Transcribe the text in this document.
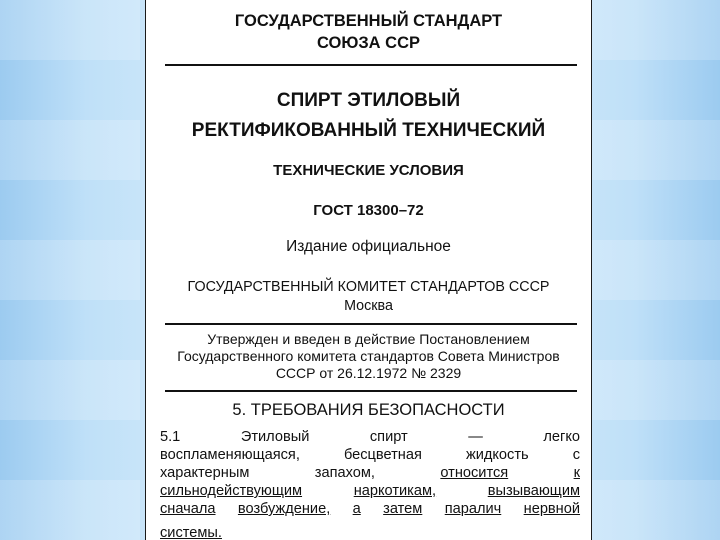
ГОСУДАРСТВЕННЫЙ СТАНДАРТ
СОЮЗА ССР
СПИРТ ЭТИЛОВЫЙ
РЕКТИФИКОВАННЫЙ ТЕХНИЧЕСКИЙ
ТЕХНИЧЕСКИЕ УСЛОВИЯ
ГОСТ 18300–72
Издание официальное
ГОСУДАРСТВЕННЫЙ КОМИТЕТ СТАНДАРТОВ СССР
Москва
Утвержден и введен в действие Постановлением
Государственного комитета стандартов Совета Министров
СССР от 26.12.1972 № 2329
5. ТРЕБОВАНИЯ БЕЗОПАСНОСТИ
5.1	Этиловый	спирт	—	легко
воспламеняющаяся,	бесцветная	жидкость	с
характерным	запахом,	относится	к
сильнодействующим	наркотикам,	вызывающим
сначала возбуждение, а затем паралич нервной
системы.
